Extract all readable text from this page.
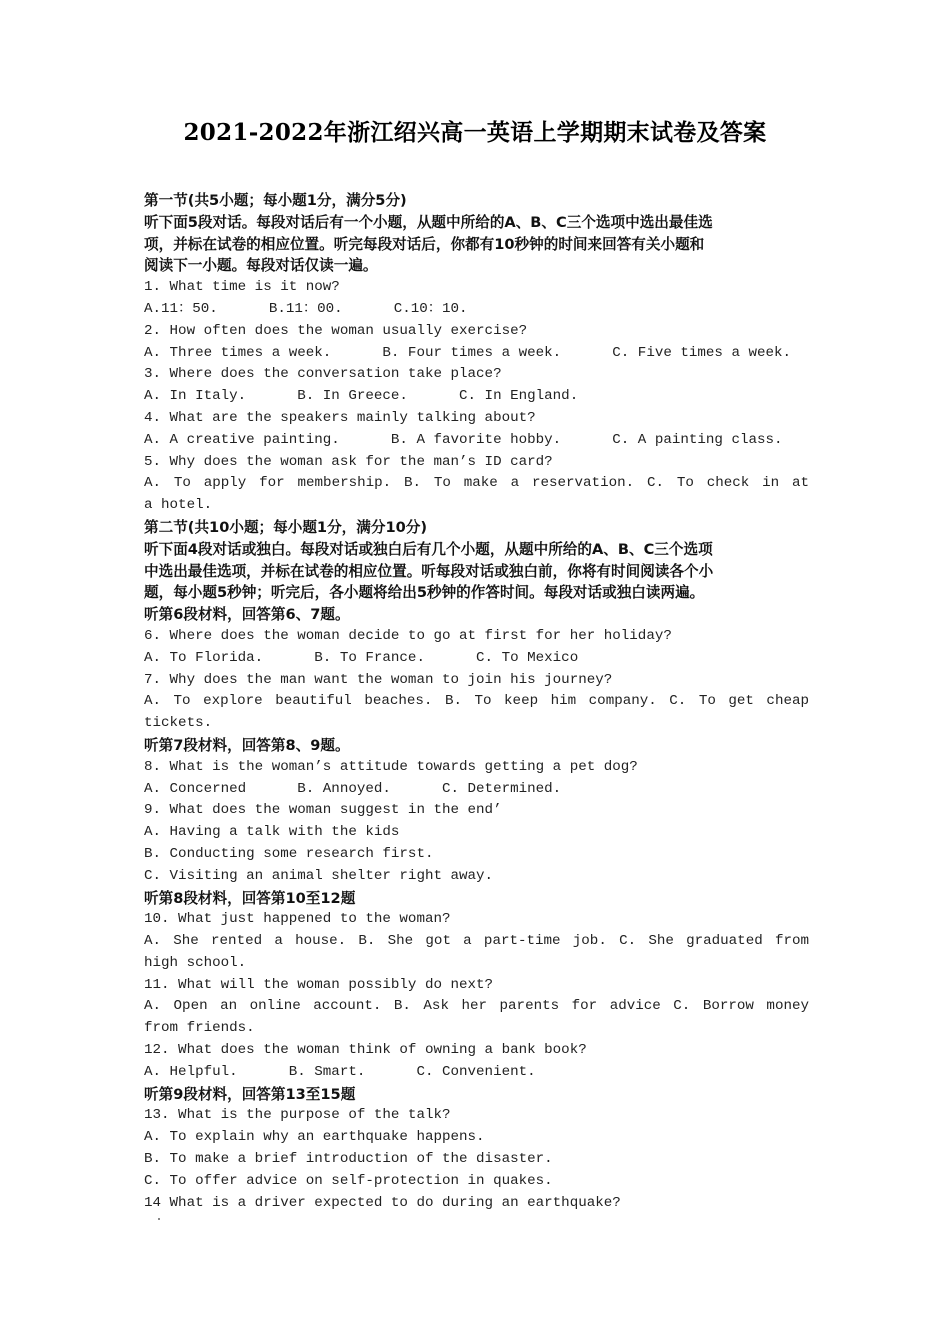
2021-2022年浙江绍兴高一英语上学期期末试卷及答案
第一节(共5小题；每小题1分，满分5分)
听下面5段对话。每段对话后有一个小题，从题中所给的A、B、C三个选项中选出最佳选
项，并标在试卷的相应位置。听完每段对话后，你都有10秒钟的时间来回答有关小题和
阅读下一小题。每段对话仅读一遍。
1. What time is it now?
A.11：50.      B.11：00.      C.10：10.
2. How often does the woman usually exercise?
A. Three times a week.      B. Four times a week.      C. Five times a week.
3. Where does the conversation take place?
A. In Italy.      B. In Greece.      C. In England.
4. What are the speakers mainly talking about?
A. A creative painting.      B. A favorite hobby.      C. A painting class.
5. Why does the woman ask for the man’s ID card?
A. To apply for membership. B. To make a reservation. C. To check in at
a hotel.
第二节(共10小题；每小题1分，满分10分)
听下面4段对话或独白。每段对话或独白后有几个小题，从题中所给的A、B、C三个选项
中选出最佳选项，并标在试卷的相应位置。听每段对话或独白前，你将有时间阅读各个小
题，每小题5秒钟；听完后，各小题将给出5秒钟的作答时间。每段对话或独白读两遍。
听第6段材料，回答第6、7题。
6. Where does the woman decide to go at first for her holiday?
A. To Florida.      B. To France.      C. To Mexico
7. Why does the man want the woman to join his journey?
A. To explore beautiful beaches. B. To keep him company. C. To get cheap
tickets.
听第7段材料，回答第8、9题。
8. What is the woman’s attitude towards getting a pet dog?
A. Concerned      B. Annoyed.      C. Determined.
9. What does the woman suggest in the end’
A. Having a talk with the kids
B. Conducting some research first.
C. Visiting an animal shelter right away.
听第8段材料，回答第10至12题
10. What just happened to the woman?
A. She rented a house. B. She got a part-time job. C. She graduated from
high school.
11. What will the woman possibly do next?
A. Open an online account. B. Ask her parents for advice C. Borrow money
from friends.
12. What does the woman think of owning a bank book?
A. Helpful.      B. Smart.      C. Convenient.
听第9段材料，回答第13至15题
13. What is the purpose of the talk?
A. To explain why an earthquake happens.
B. To make a brief introduction of the disaster.
C. To offer advice on self-protection in quakes.
14 What is a driver expected to do during an earthquake?
